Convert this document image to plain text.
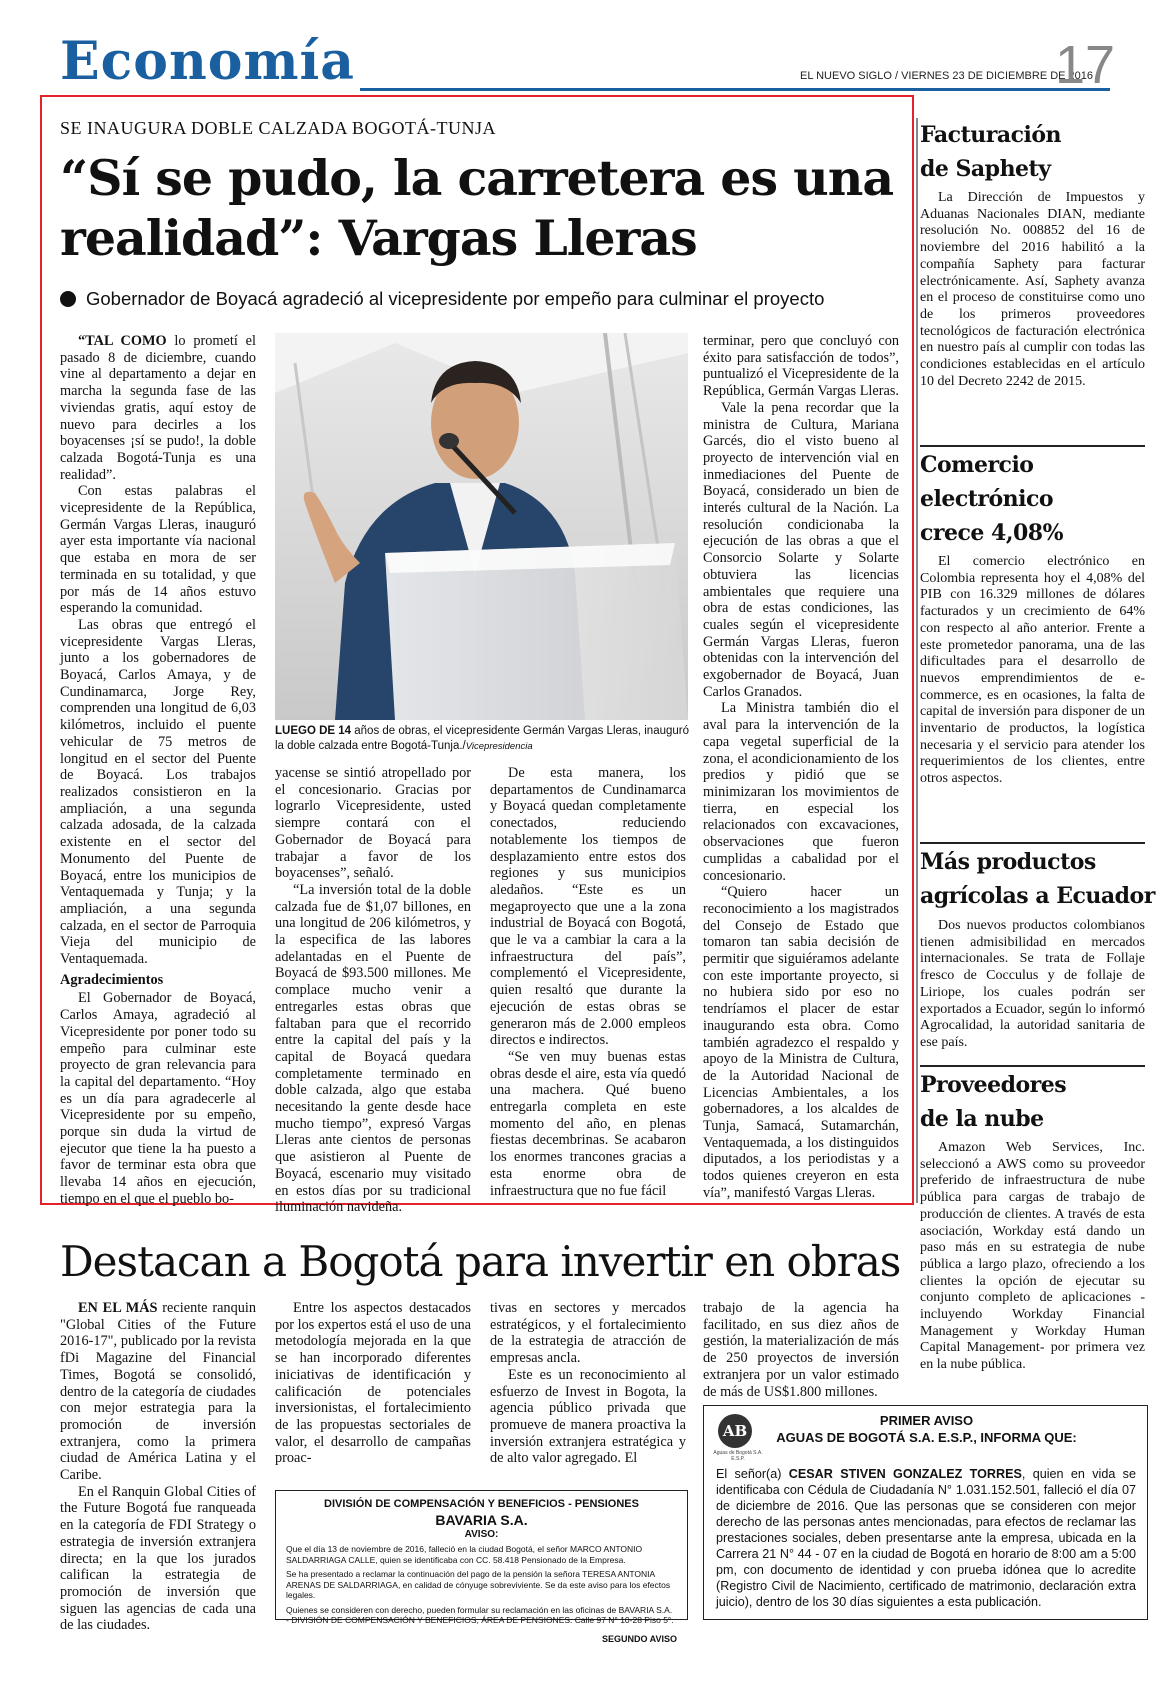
Economía	EL NUEVO SIGLO / VIERNES 23 DE DICIEMBRE DE 2016
17
SE INAUGURA DOBLE CALZADA BOGOTÁ-TUNJA
“Sí se pudo, la carretera es una realidad”: Vargas Lleras
Gobernador de Boyacá agradeció al vicepresidente por empeño para culminar el proyecto
LUEGO DE 14 años de obras, el vicepresidente Germán Vargas Lleras, inauguró la doble calzada entre Bogotá-Tunja./Vicepresidencia

“TAL COMO lo prometí el pasado 8 de diciembre, cuando vine al departamento a dejar en marcha la segunda fase de las viviendas gratis, aquí estoy de nuevo para decirles a los boyacenses ¡sí se pudo!, la doble calzada Bogotá-Tunja es una realidad”.

Con estas palabras el vicepresidente de la República, Germán Vargas Lleras, inauguró ayer esta importante vía nacional que estaba en mora de ser terminada en su totalidad, y que por más de 14 años estuvo esperando la comunidad.

Las obras que entregó el vicepresidente Vargas Lleras, junto a los gobernadores de Boyacá, Carlos Amaya, y de Cundinamarca, Jorge Rey, comprenden una longitud de 6,03 kilómetros, incluido el puente vehicular de 75 metros de longitud en el sector del Puente de Boyacá. Los trabajos realizados consistieron en la ampliación, a una segunda calzada adosada, de la calzada existente en el sector del Monumento del Puente de Boyacá, entre los municipios de Ventaquemada y Tunja; y la ampliación, a una segunda calzada, en el sector de Parroquia Vieja del municipio de Ventaquemada.

Agradecimientos

El Gobernador de Boyacá, Carlos Amaya, agradeció al Vicepresidente por poner todo su empeño para culminar este proyecto de gran relevancia para la capital del departamento. “Hoy es un día para agradecerle al Vicepresidente por su empeño, porque sin duda la virtud de ejecutor que tiene la ha puesto a favor de terminar esta obra que llevaba 14 años en ejecución, tiempo en el que el pueblo bo-

yacense se sintió atropellado por el concesionario. Gracias por lograrlo Vicepresidente, usted siempre contará con el Gobernador de Boyacá para trabajar a favor de los boyacenses”, señaló.

“La inversión total de la doble calzada fue de $1,07 billones, en una longitud de 206 kilómetros, y la especifica de las labores adelantadas en el Puente de Boyacá de $93.500 millones. Me complace mucho venir a entregarles estas obras que faltaban para que el recorrido entre la capital del país y la capital de Boyacá quedara completamente terminado en doble calzada, algo que estaba necesitando la gente desde hace mucho tiempo”, expresó Vargas Lleras ante cientos de personas que asistieron al Puente de Boyacá, escenario muy visitado en estos días por su tradicional iluminación navideña.

De esta manera, los departamentos de Cundinamarca y Boyacá quedan completamente conectados, reduciendo notablemente los tiempos de desplazamiento entre estos dos regiones y sus municipios aledaños. “Este es un megaproyecto que une a la zona industrial de Boyacá con Bogotá, que le va a cambiar la cara a la infraestructura del país”, complementó el Vicepresidente, quien resaltó que durante la ejecución de estas obras se generaron más de 2.000 empleos directos e indirectos.

“Se ven muy buenas estas obras desde el aire, esta vía quedó una machera. Qué bueno entregarla completa en este momento del año, en plenas fiestas decembrinas. Se acabaron los enormes trancones gracias a esta enorme obra de infraestructura que no fue fácil

terminar, pero que concluyó con éxito para satisfacción de todos”, puntualizó el Vicepresidente de la República, Germán Vargas Lleras.

Vale la pena recordar que la ministra de Cultura, Mariana Garcés, dio el visto bueno al proyecto de intervención vial en inmediaciones del Puente de Boyacá, considerado un bien de interés cultural de la Nación. La resolución condicionaba la ejecución de las obras a que el Consorcio Solarte y Solarte obtuviera las licencias ambientales que requiere una obra de estas condiciones, las cuales según el vicepresidente Germán Vargas Lleras, fueron obtenidas con la intervención del exgobernador de Boyacá, Juan Carlos Granados.

La Ministra también dio el aval para la intervención de la capa vegetal superficial de la zona, el acondicionamiento de los predios y pidió que se minimizaran los movimientos de tierra, en especial los relacionados con excavaciones, observaciones que fueron cumplidas a cabalidad por el concesionario.

“Quiero hacer un reconocimiento a los magistrados del Consejo de Estado que tomaron tan sabia decisión de permitir que siguiéramos adelante con este importante proyecto, si no hubiera sido por eso no tendríamos el placer de estar inaugurando esta obra. Como también agradezco el respaldo y apoyo de la Ministra de Cultura, de la Autoridad Nacional de Licencias Ambientales, a los gobernadores, a los alcaldes de Tunja, Samacá, Sutamarchán, Ventaquemada, a los distinguidos diputados, a los periodistas y a todos quienes creyeron en esta vía”, manifestó Vargas Lleras.

Facturación
de Saphety

La Dirección de Impuestos y Aduanas Nacionales DIAN, mediante resolución No. 008852 del 16 de noviembre del 2016 habilitó a la compañía Saphety para facturar electrónicamente. Así, Saphety avanza en el proceso de constituirse como uno de los primeros proveedores tecnológicos de facturación electrónica en nuestro país al cumplir con todas las condiciones establecidas en el artículo 10 del Decreto 2242 de 2015.

Comercio
electrónico
crece 4,08%

El comercio electrónico en Colombia representa hoy el 4,08% del PIB con 16.329 millones de dólares facturados y un crecimiento de 64% con respecto al año anterior. Frente a este prometedor panorama, una de las dificultades para el desarrollo de nuevos emprendimientos de e-commerce, es en ocasiones, la falta de capital de inversión para disponer de un inventario de productos, la logística necesaria y el servicio para atender los requerimientos de los clientes, entre otros aspectos.

Más productos
agrícolas a Ecuador

Dos nuevos productos colombianos tienen admisibilidad en mercados internacionales. Se trata de Follaje fresco de Cocculus y de follaje de Liriope, los cuales podrán ser exportados a Ecuador, según lo informó Agrocalidad, la autoridad sanitaria de ese país.

Proveedores
de la nube

Amazon Web Services, Inc. seleccionó a AWS como su proveedor preferido de infraestructura de nube pública para cargas de trabajo de producción de clientes. A través de esta asociación, Workday está dando un paso más en su estrategia de nube pública a largo plazo, ofreciendo a los clientes la opción de ejecutar su conjunto completo de aplicaciones -incluyendo Workday Financial Management y Workday Human Capital Management- por primera vez en la nube pública.

Destacan a Bogotá para invertir en obras

EN EL MÁS reciente ranquin "Global Cities of the Future 2016-17", publicado por la revista fDi Magazine del Financial Times, Bogotá se consolidó, dentro de la categoría de ciudades con mejor estrategia para la promoción de inversión extranjera, como la primera ciudad de América Latina y el Caribe.

En el Ranquin Global Cities of the Future Bogotá fue ranqueada en la categoría de FDI Strategy o estrategia de inversión extranjera directa; en la que los jurados califican la estrategia de promoción de inversión que siguen las agencias de cada una de las ciudades.

Entre los aspectos destacados por los expertos está el uso de una metodología mejorada en la que se han incorporado diferentes iniciativas de identificación y calificación de potenciales inversionistas, el fortalecimiento de las propuestas sectoriales de valor, el desarrollo de campañas proac-

tivas en sectores y mercados estratégicos, y el fortalecimiento de la estrategia de atracción de empresas ancla.

Este es un reconocimiento al esfuerzo de Invest in Bogota, la agencia público privada que promueve de manera proactiva la inversión extranjera estratégica y de alto valor agregado. El

trabajo de la agencia ha facilitado, en sus diez años de gestión, la materialización de más de 250 proyectos de inversión extranjera por un valor estimado de más de US$1.800 millones.

DIVISIÓN DE COMPENSACIÓN Y BENEFICIOS - PENSIONES
BAVARIA S.A.
AVISO:
Que el día 13 de noviembre de 2016, falleció en la ciudad Bogotá, el señor MARCO ANTONIO SALDARRIAGA CALLE, quien se identificaba con CC. 58.418 Pensionado de la Empresa.
Se ha presentado a reclamar la continuación del pago de la pensión la señora TERESA ANTONIA ARENAS DE SALDARRIAGA, en calidad de cónyuge sobreviviente. Se da este aviso para los efectos legales.
Quienes se consideren con derecho, pueden formular su reclamación en las oficinas de BAVARIA S.A. - DIVISIÓN DE COMPENSACIÓN Y BENEFICIOS, ÁREA DE PENSIONES. Calle 97 N° 10-28 Piso 5°.
SEGUNDO AVISO
AB
Aguas de Bogotá S.A. E.S.P.
PRIMER AVISO
AGUAS DE BOGOTÁ S.A. E.S.P., INFORMA QUE:
El señor(a) CESAR STIVEN GONZALEZ TORRES, quien en vida se identificaba con Cédula de Ciudadanía N° 1.031.152.501, falleció el día 07 de diciembre de 2016. Que las personas que se consideren con mejor derecho de las personas antes mencionadas, para efectos de reclamar las prestaciones sociales, deben presentarse ante la empresa, ubicada en la Carrera 21 N° 44 - 07 en la ciudad de Bogotá en horario de 8:00 am a 5:00 pm, con documento de identidad y con prueba idónea que lo acredite (Registro Civil de Nacimiento, certificado de matrimonio, declaración extra juicio), dentro de los 30 días siguientes a esta publicación.
